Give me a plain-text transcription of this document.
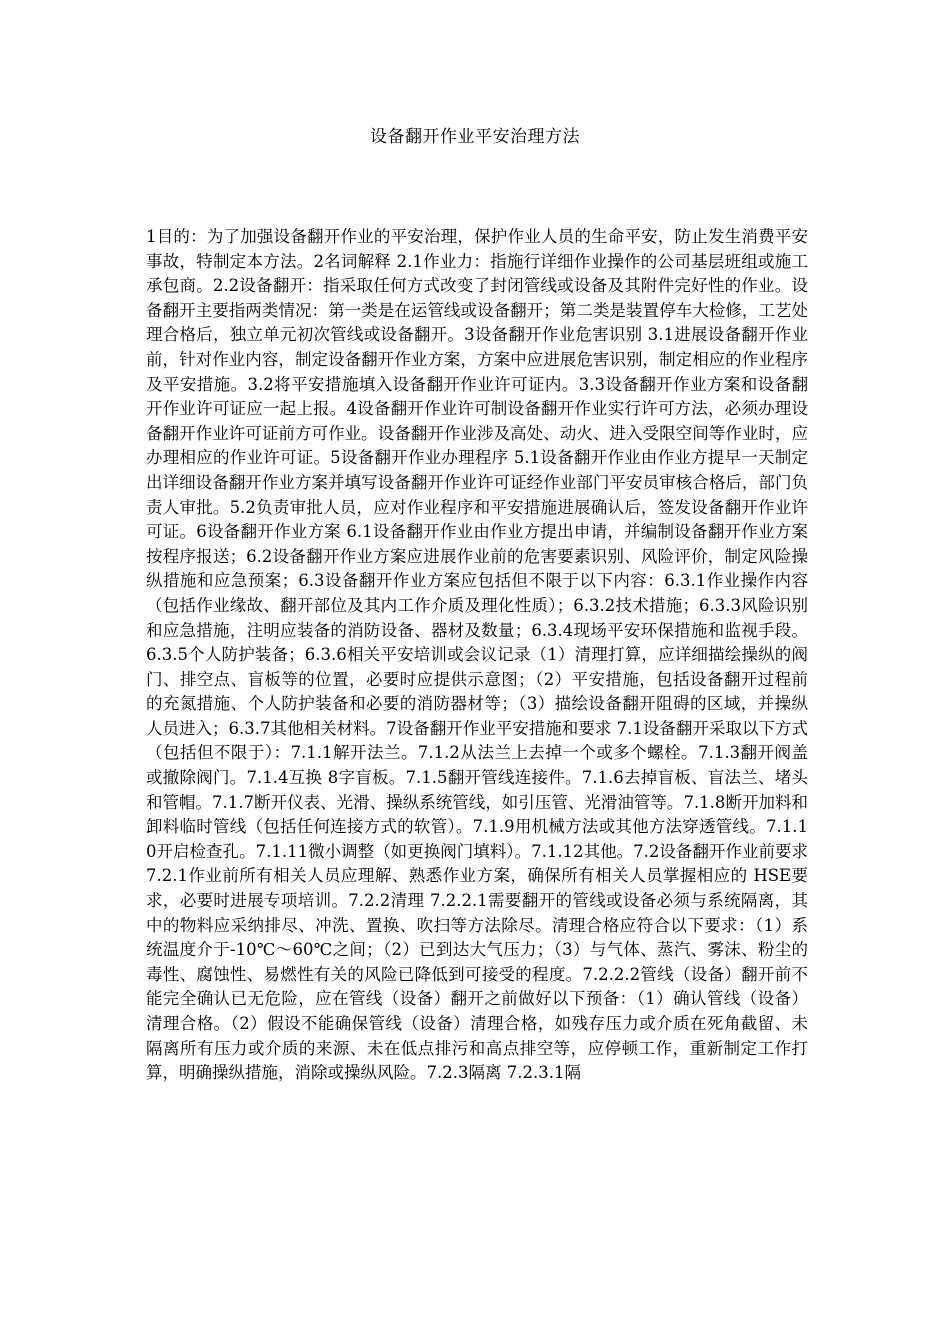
设备翻开作业平安治理方法
1目的：为了加强设备翻开作业的平安治理，保护作业人员的生命平安，防止发生消费平安事故，特制定本方法。2名词解释 2.1作业力：指施行详细作业操作的公司基层班组或施工承包商。2.2设备翻开：指采取任何方式改变了封闭管线或设备及其附件完好性的作业。设备翻开主要指两类情况：第一类是在运管线或设备翻开；第二类是装置停车大检修，工艺处理合格后，独立单元初次管线或设备翻开。3设备翻开作业危害识别 3.1进展设备翻开作业前，针对作业内容，制定设备翻开作业方案，方案中应进展危害识别，制定相应的作业程序及平安措施。3.2将平安措施填入设备翻开作业许可证内。3.3设备翻开作业方案和设备翻开作业许可证应一起上报。4设备翻开作业许可制设备翻开作业实行许可方法，必须办理设备翻开作业许可证前方可作业。设备翻开作业涉及高处、动火、进入受限空间等作业时，应办理相应的作业许可证。5设备翻开作业办理程序 5.1设备翻开作业由作业方提早一天制定出详细设备翻开作业方案并填写设备翻开作业许可证经作业部门平安员审核合格后，部门负责人审批。5.2负责审批人员，应对作业程序和平安措施进展确认后，签发设备翻开作业许可证。6设备翻开作业方案 6.1设备翻开作业由作业方提出申请，并编制设备翻开作业方案按程序报送；6.2设备翻开作业方案应进展作业前的危害要素识别、风险评价，制定风险操纵措施和应急预案；6.3设备翻开作业方案应包括但不限于以下内容：6.3.1作业操作内容（包括作业缘故、翻开部位及其内工作介质及理化性质）；6.3.2技术措施；6.3.3风险识别和应急措施，注明应装备的消防设备、器材及数量；6.3.4现场平安环保措施和监视手段。6.3.5个人防护装备；6.3.6相关平安培训或会议记录（1）清理打算，应详细描绘操纵的阀门、排空点、盲板等的位置，必要时应提供示意图；（2）平安措施，包括设备翻开过程前的充氮措施、个人防护装备和必要的消防器材等；（3）描绘设备翻开阻碍的区域，并操纵人员进入；6.3.7其他相关材料。7设备翻开作业平安措施和要求 7.1设备翻开采取以下方式（包括但不限于）：7.1.1解开法兰。7.1.2从法兰上去掉一个或多个螺栓。7.1.3翻开阀盖或撤除阀门。7.1.4互换 8字盲板。7.1.5翻开管线连接件。7.1.6去掉盲板、盲法兰、堵头和管帽。7.1.7断开仪表、光滑、操纵系统管线，如引压管、光滑油管等。7.1.8断开加料和卸料临时管线（包括任何连接方式的软管）。7.1.9用机械方法或其他方法穿透管线。7.1.10开启检查孔。7.1.11微小调整（如更换阀门填料）。7.1.12其他。7.2设备翻开作业前要求 7.2.1作业前所有相关人员应理解、熟悉作业方案，确保所有相关人员掌握相应的 HSE要求，必要时进展专项培训。7.2.2清理 7.2.2.1需要翻开的管线或设备必须与系统隔离，其中的物料应采纳排尽、冲洗、置换、吹扫等方法除尽。清理合格应符合以下要求：（1）系统温度介于-10℃～60℃之间；（2）已到达大气压力；（3）与气体、蒸汽、雾沫、粉尘的毒性、腐蚀性、易燃性有关的风险已降低到可接受的程度。7.2.2.2管线（设备）翻开前不能完全确认已无危险，应在管线（设备）翻开之前做好以下预备：（1）确认管线（设备）清理合格。（2）假设不能确保管线（设备）清理合格，如残存压力或介质在死角截留、未隔离所有压力或介质的来源、未在低点排污和高点排空等，应停顿工作，重新制定工作打算，明确操纵措施，消除或操纵风险。7.2.3隔离 7.2.3.1隔
